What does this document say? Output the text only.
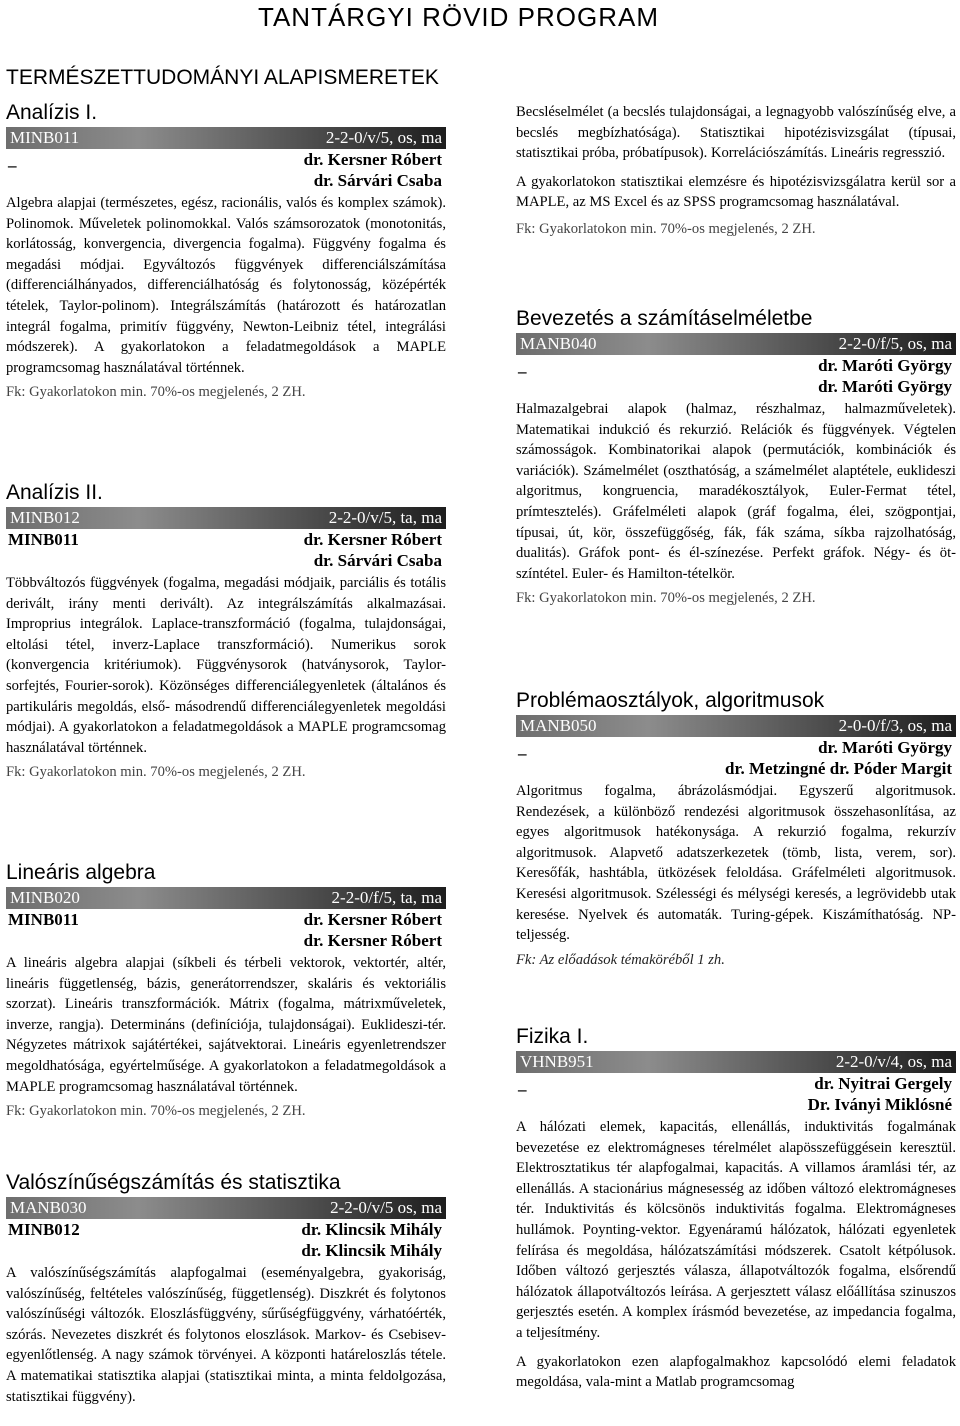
TANTÁRGYI RÖVID PROGRAM
TERMÉSZETTUDOMÁNYI ALAPISMERETEK
Analízis I.
MINB011	2-2-0/v/5, os, ma
_	dr. Kersner Róbert
dr. Sárvári Csaba
Algebra alapjai (természetes, egész, racionális, valós és komplex számok). Polinomok. Műveletek polinomokkal. Valós számsorozatok (monotonitás, korlátosság, konvergencia, divergencia fogalma). Függvény fogalma és megadási módjai. Egyváltozós függvények differenciálszámítása (differenciálhányados, differenciálhatóság és folytonosság, középérték tételek, Taylor-polinom). Integrálszámítás (határozott és határozatlan integrál fogalma, primitív függvény, Newton-Leibniz tétel, integrálási módszerek). A gyakorlatokon a feladatmegoldások a MAPLE programcsomag használatával történnek.
Fk: Gyakorlatokon min. 70%-os megjelenés, 2 ZH.
Analízis II.
MINB012	2-2-0/v/5, ta, ma
MINB011	dr. Kersner Róbert
dr. Sárvári Csaba
Többváltozós függvények (fogalma, megadási módjaik, parciális és totális derivált, irány menti derivált). Az integrálszámítás alkalmazásai. Improprius integrálok. Laplace-transzformáció (fogalma, tulajdonságai, eltolási tétel, inverz-Laplace transzformáció). Numerikus sorok (konvergencia kritériumok). Függvénysorok (hatványsorok, Taylor-sorfejtés, Fourier-sorok). Közönséges differenciálegyenletek (általános és partikuláris megoldás, első- másodrendű differenciálegyenletek megoldási módjai). A gyakorlatokon a feladatmegoldások a MAPLE programcsomag használatával történnek.
Fk: Gyakorlatokon min. 70%-os megjelenés, 2 ZH.
Lineáris algebra
MINB020	2-2-0/f/5, ta, ma
MINB011	dr. Kersner Róbert
dr. Kersner Róbert
A lineáris algebra alapjai (síkbeli és térbeli vektorok, vektortér, altér, lineáris függetlenség, bázis, generátorrendszer, skaláris és vektoriális szorzat). Lineáris transzformációk. Mátrix (fogalma, mátrixműveletek, inverze, rangja). Determináns (definíciója, tulajdonságai). Euklideszi-tér. Négyzetes mátrixok sajátértékei, sajátvektorai. Lineáris egyenletrendszer megoldhatósága, egyértelműsége. A gyakorlatokon a feladatmegoldások a MAPLE programcsomag használatával történnek.
Fk: Gyakorlatokon min. 70%-os megjelenés, 2 ZH.
Valószínűségszámítás és statisztika
MANB030	2-2-0/v/5 os, ma
MINB012	dr. Klincsik Mihály
dr. Klincsik Mihály
A valószínűségszámítás alapfogalmai (eseményalgebra, gyakoriság, valószínűség, feltételes valószínűség, függetlenség). Diszkrét és folytonos valószínűségi változók. Eloszlásfüggvény, sűrűségfüggvény, várhatóérték, szórás. Nevezetes diszkrét és folytonos eloszlások. Markov- és Csebisev-egyenlőtlenség. A nagy számok törvényei. A központi határeloszlás tétele. A matematikai statisztika alapjai (statisztikai minta, a minta feldolgozása, statisztikai függvény).
Becsléselmélet (a becslés tulajdonságai, a legnagyobb valószínűség elve, a becslés megbízhatósága). Statisztikai hipotézisvizsgálat (típusai, statisztikai próba, próbatípusok). Korrelációszámítás. Lineáris regresszió.
A gyakorlatokon statisztikai elemzésre és hipotézisvizsgálatra kerül sor a MAPLE, az MS Excel és az SPSS programcsomag használatával.
Fk: Gyakorlatokon min. 70%-os megjelenés, 2 ZH.
Bevezetés a számításelméletbe
MANB040	2-2-0/f/5, os, ma
_	dr. Maróti György
dr. Maróti György
Halmazalgebrai alapok (halmaz, részhalmaz, halmazműveletek). Matematikai indukció és rekurzió. Relációk és függvények. Végtelen számosságok. Kombinatorikai alapok (permutációk, kombinációk és variációk). Számelmélet (oszthatóság, a számelmélet alaptétele, euklideszi algoritmus, kongruencia, maradékosztályok, Euler-Fermat tétel, prímtesztelés). Gráfelméleti alapok (gráf fogalma, élei, szögpontjai, típusai, út, kör, összefüggőség, fák, fák száma, síkba rajzolhatóság, dualitás). Gráfok pont- és él-színezése. Perfekt gráfok. Négy- és öt-színtétel. Euler- és Hamilton-tételkör.
Fk: Gyakorlatokon min. 70%-os megjelenés, 2 ZH.
Problémaosztályok, algoritmusok
MANB050	2-0-0/f/3, os, ma
_	dr. Maróti György
dr. Metzingné dr. Póder Margit
Algoritmus fogalma, ábrázolásmódjai. Egyszerű algoritmusok. Rendezések, a különböző rendezési algoritmusok összehasonlítása, az egyes algoritmusok hatékonysága. A rekurzió fogalma, rekurzív algoritmusok. Alapvető adatszerkezetek (tömb, lista, verem, sor). Keresőfák, hashtábla, ütközések feloldása. Gráfelméleti algoritmusok. Keresési algoritmusok. Szélességi és mélységi keresés, a legrövidebb utak keresése. Nyelvek és automaták. Turing-gépek. Kiszámíthatóság. NP-teljesség.
Fk: Az előadások témaköréből 1 zh.
Fizika I.
VHNB951	2-2-0/v/4, os, ma
_	dr. Nyitrai Gergely
Dr. Iványi Miklósné
A hálózati elemek, kapacitás, ellenállás, induktivitás fogalmának bevezetése ez elektromágneses térelmélet alapösszefüggésein keresztül. Elektrosztatikus tér alapfogalmai, kapacitás. A villamos áramlási tér, az ellenállás. A stacionárius mágnesesség az időben változó elektromágneses tér. Induktivitás és kölcsönös induktivitás fogalma. Elektromágneses hullámok. Poynting-vektor. Egyenáramú hálózatok, hálózati egyenletek felírása és megoldása, hálózatszámítási módszerek. Csatolt kétpólusok. Időben változó gerjesztés válasza, állapotváltozók fogalma, elsőrendű hálózatok állapotváltozós leírása. A gerjesztett válasz előállítása szinuszos gerjesztés esetén. A komplex írásmód bevezetése, az impedancia fogalma, a teljesítmény.
A gyakorlatokon ezen alapfogalmakhoz kapcsolódó elemi feladatok megoldása, vala-mint a Matlab programcsomag
